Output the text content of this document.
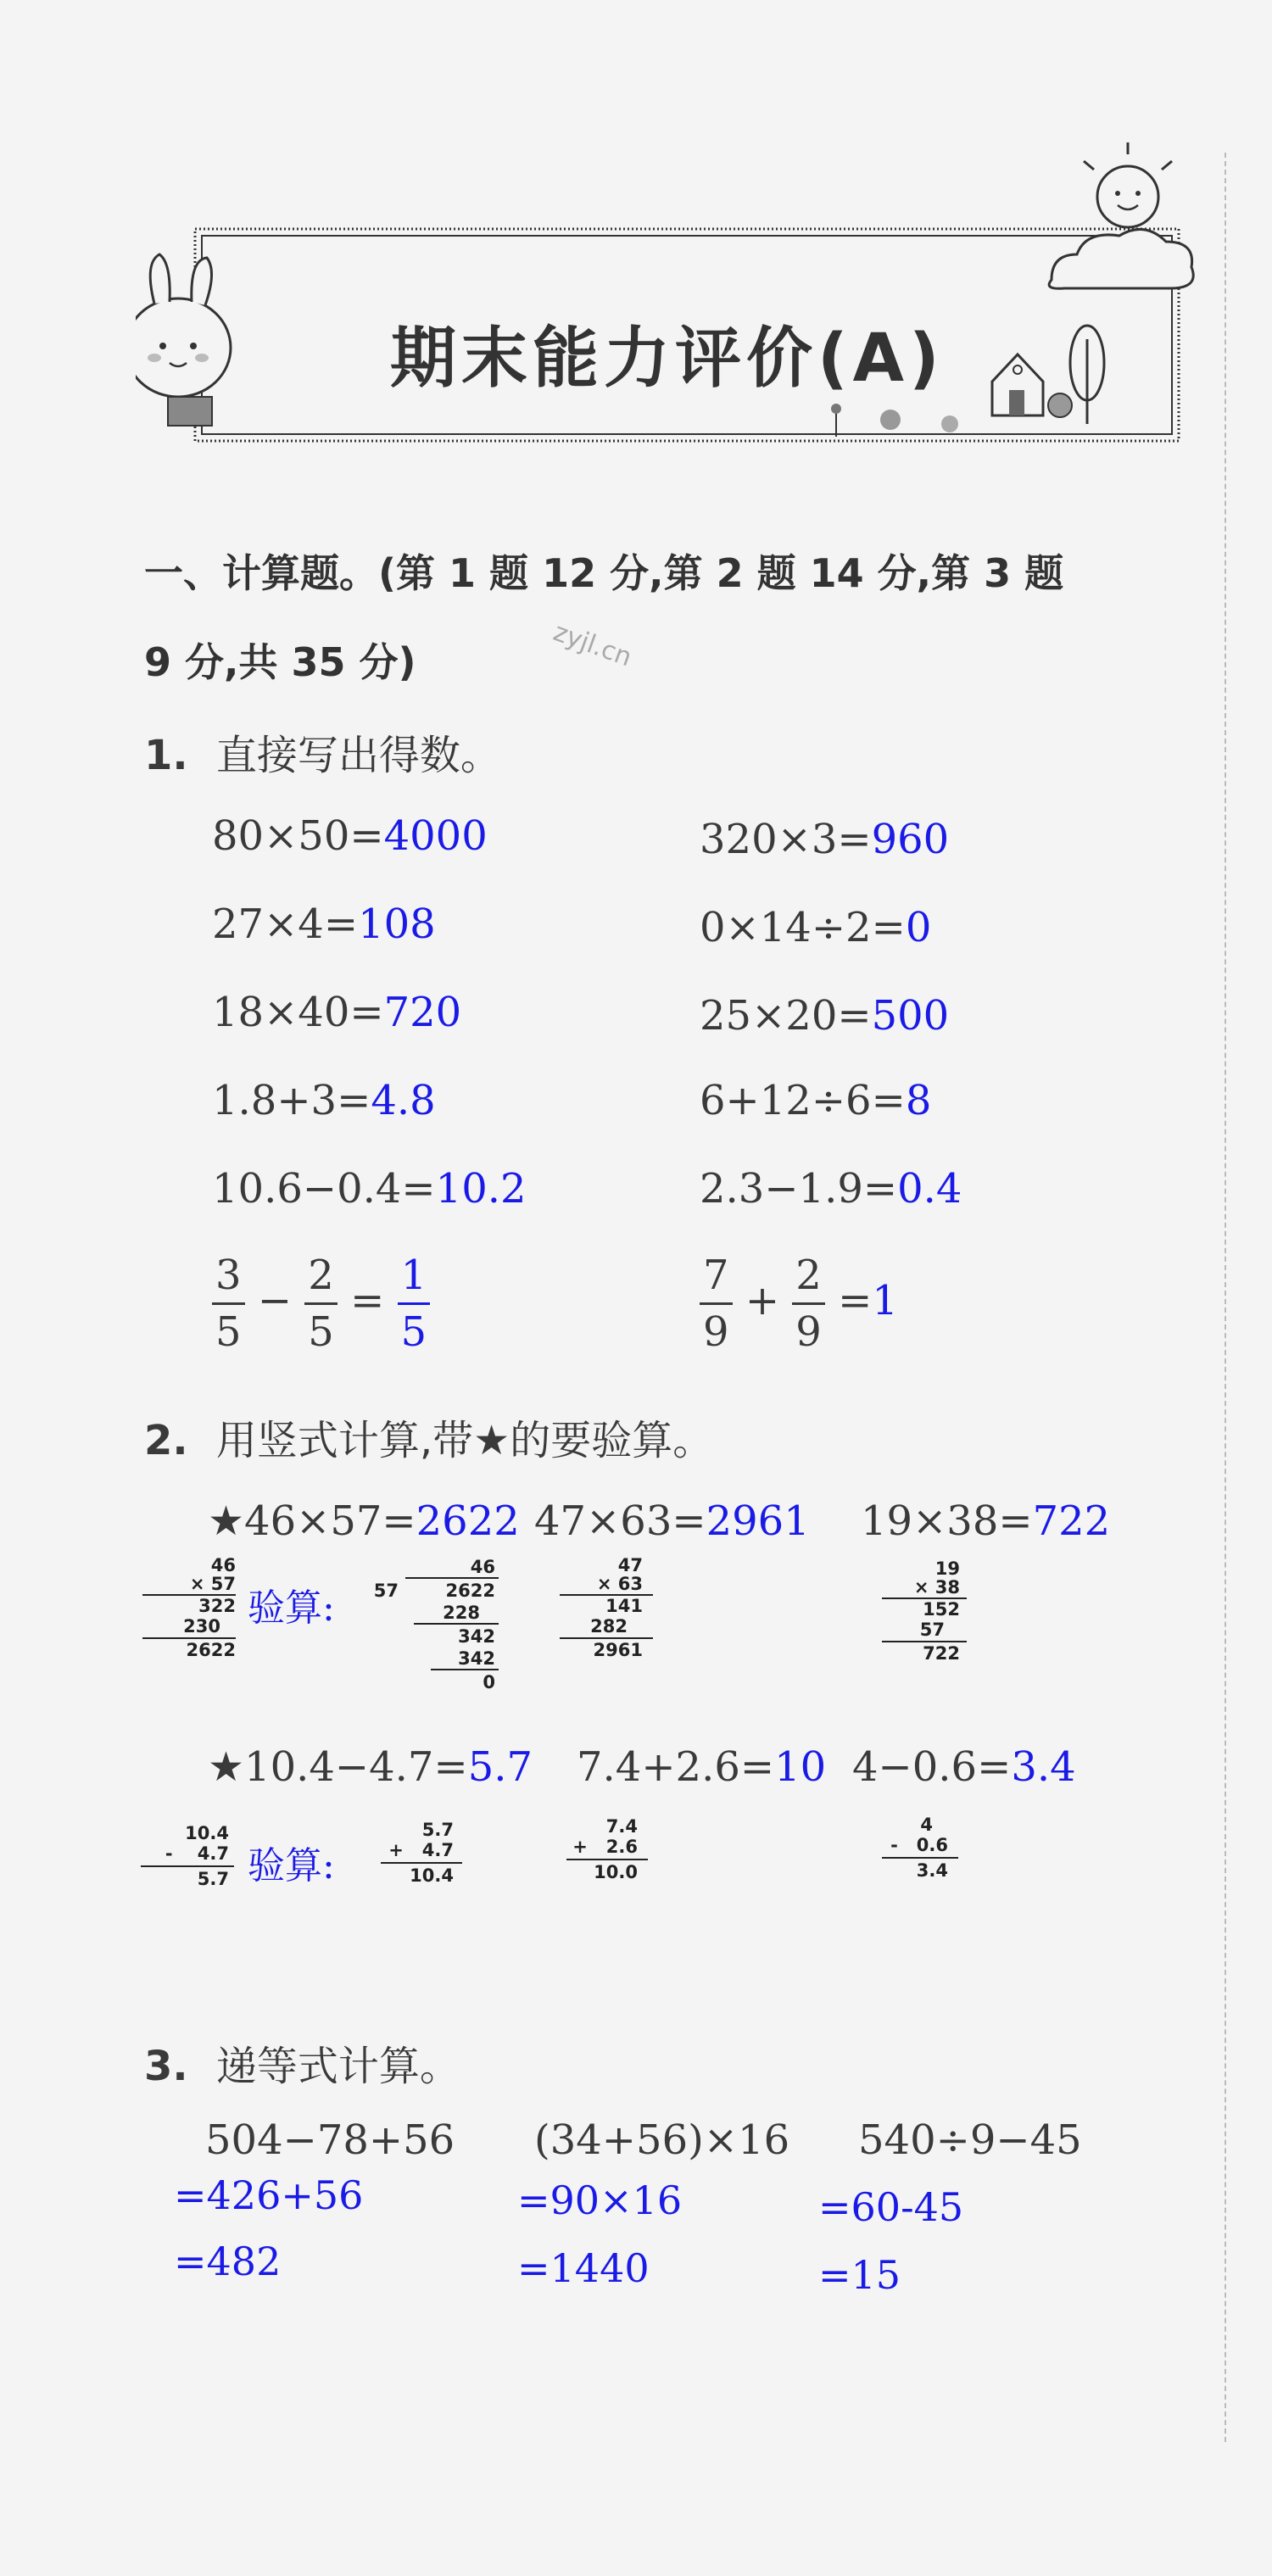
期末能力评价(A)
zyjl.cn
一、计算题。(第 1 题 12 分,第 2 题 14 分,第 3 题
9 分,共 35 分)
1. 直接写出得数。
80×50=4000	320×3=960
27×4=108	0×14÷2=0
18×40=720	25×20=500
1.8+3=4.8	6+12÷6=8
10.6−0.4=10.2	2.3−1.9=0.4
$\frac{3}{5} - \frac{2}{5} = \frac{1}{5}$	$\frac{7}{9} + \frac{2}{9} =1$
2. 用竖式计算,带★的要验算。
★46×57=2622 47×63=2961 19×38=722
46
× 57
322
230
2622
验算:
46
57	2622
228
342
342
0
47
× 63
141
282
2961
19
× 38
152
57
722
★10.4−4.7=5.7 7.4+2.6=10 4−0.6=3.4
10.4
-    4.7
5.7 验算:
5.7
+   4.7
10.4
7.4
+   2.6
10.0
4
-   0.6
3.4
3. 递等式计算。
504−78+56
=426+56
=482
(34+56)×16
=90×16
=1440
540÷9−45
=60-45
=15
